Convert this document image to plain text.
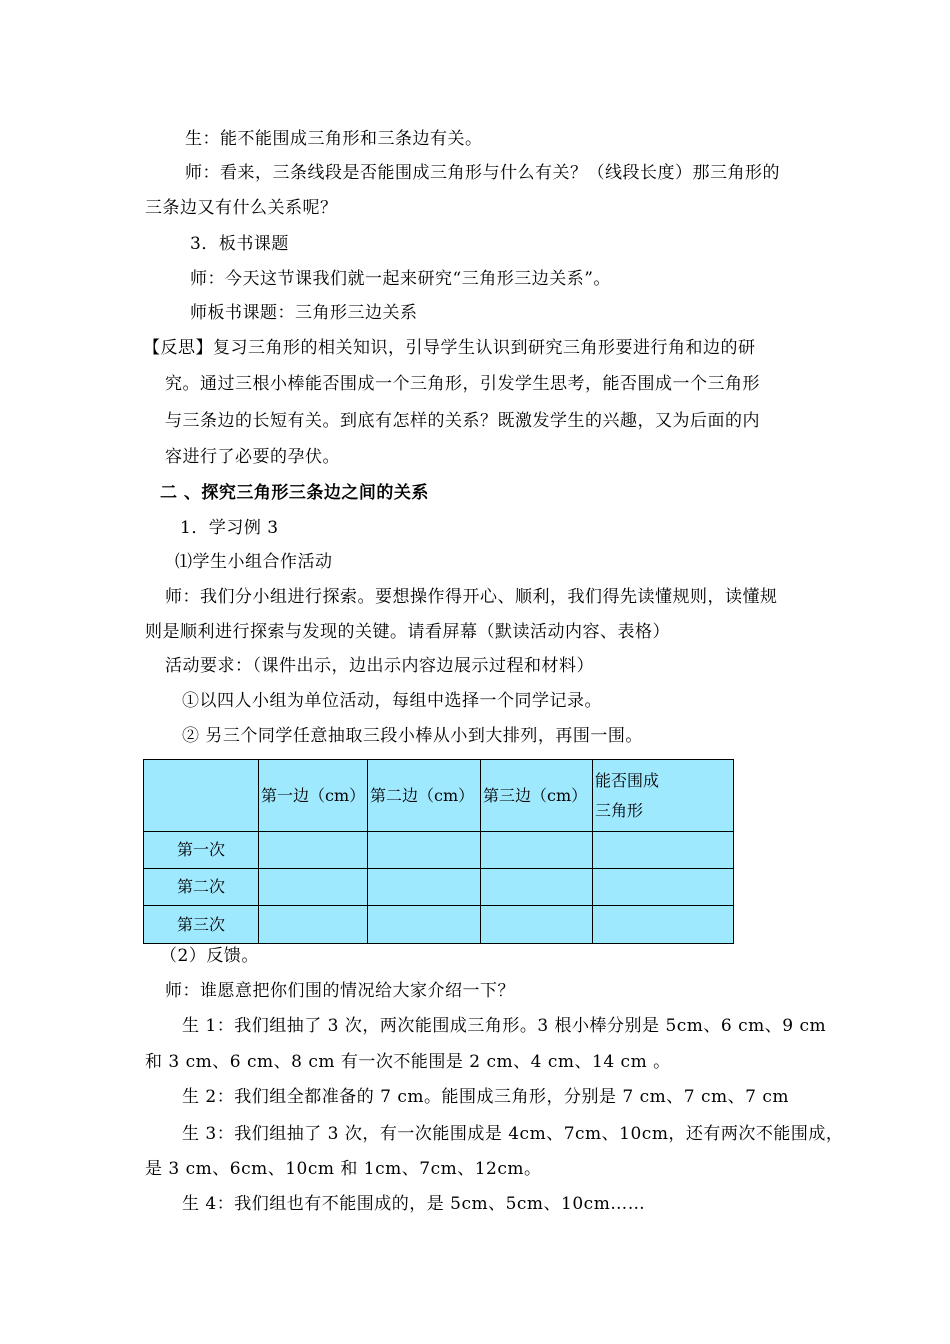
生：能不能围成三角形和三条边有关。
师：看来，三条线段是否能围成三角形与什么有关？（线段长度）那三角形的
三条边又有什么关系呢？
3．板书课题
师：今天这节课我们就一起来研究“三角形三边关系”。
师板书课题：三角形三边关系
【反思】复习三角形的相关知识，引导学生认识到研究三角形要进行角和边的研
究。通过三根小棒能否围成一个三角形，引发学生思考，能否围成一个三角形
与三条边的长短有关。到底有怎样的关系？既激发学生的兴趣，又为后面的内
容进行了必要的孕伏。
二 、探究三角形三条边之间的关系
1．学习例 3
⑴学生小组合作活动
师：我们分小组进行探索。要想操作得开心、顺利，我们得先读懂规则，读懂规
则是顺利进行探索与发现的关键。请看屏幕（默读活动内容、表格）
活动要求：（课件出示，边出示内容边展示过程和材料）
①以四人小组为单位活动，每组中选择一个同学记录。
② 另三个同学任意抽取三段小棒从小到大排列，再围一围。
	第一边（cm）	第二边（cm）	第三边（cm）	能否围成
三角形
第一次				
第二次				
第三次				
（2）反馈。
师：谁愿意把你们围的情况给大家介绍一下？
生 1：我们组抽了 3 次，两次能围成三角形。3 根小棒分别是 5cm、6 cm、9 cm
和 3 cm、6 cm、8 cm 有一次不能围是 2 cm、4 cm、14 cm 。
生 2：我们组全都准备的 7 cm。能围成三角形，分别是 7 cm、7 cm、7 cm
生 3：我们组抽了 3 次，有一次能围成是 4cm、7cm、10cm，还有两次不能围成，
是 3 cm、6cm、10cm 和 1cm、7cm、12cm。
生 4：我们组也有不能围成的，是 5cm、5cm、10cm……
